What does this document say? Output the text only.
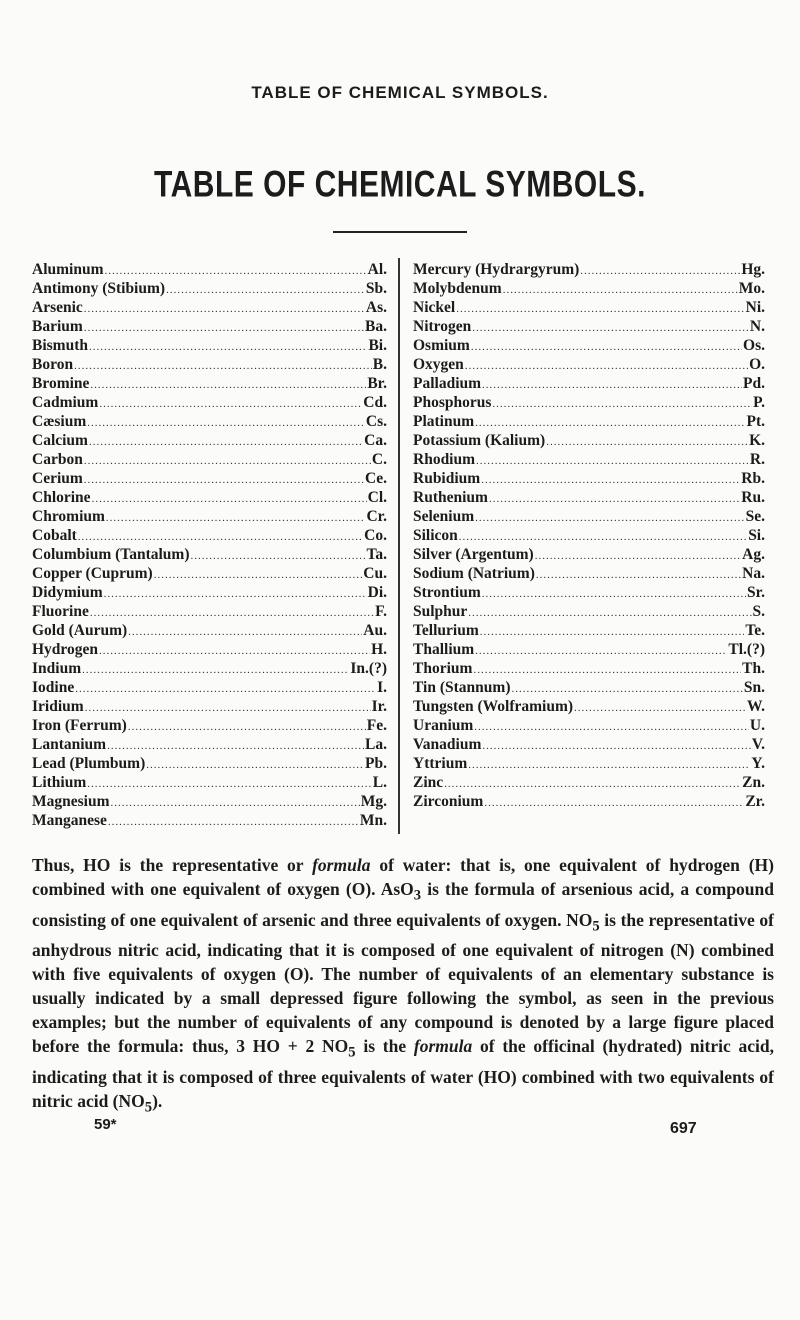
TABLE OF CHEMICAL SYMBOLS.
TABLE OF CHEMICAL SYMBOLS.
Aluminum .....	Al.
Antimony (Stibium) .....	Sb.
Arsenic .....	As.
Barium .....	Ba.
Bismuth .....	Bi.
Boron .....	B.
Bromine .....	Br.
Cadmium .....	Cd.
Cæsium .....	Cs.
Calcium .....	Ca.
Carbon .....	C.
Cerium .....	Ce.
Chlorine .....	Cl.
Chromium .....	Cr.
Cobalt .....	Co.
Columbium (Tantalum) .....	Ta.
Copper (Cuprum) .....	Cu.
Didymium .....	Di.
Fluorine .....	F.
Gold (Aurum) .....	Au.
Hydrogen .....	H.
Indium .....	In.(?)
Iodine .....	I.
Iridium .....	Ir.
Iron (Ferrum) .....	Fe.
Lantanium .....	La.
Lead (Plumbum) .....	Pb.
Lithium .....	L.
Magnesium .....	Mg.
Manganese .....	Mn.
Mercury (Hydrargyrum) .....	Hg.
Molybdenum .....	Mo.
Nickel .....	Ni.
Nitrogen .....	N.
Osmium .....	Os.
Oxygen .....	O.
Palladium .....	Pd.
Phosphorus .....	P.
Platinum .....	Pt.
Potassium (Kalium) .....	K.
Rhodium .....	R.
Rubidium .....	Rb.
Ruthenium .....	Ru.
Selenium .....	Se.
Silicon .....	Si.
Silver (Argentum) .....	Ag.
Sodium (Natrium) .....	Na.
Strontium .....	Sr.
Sulphur .....	S.
Tellurium .....	Te.
Thallium .....	Tl.(?)
Thorium .....	Th.
Tin (Stannum) .....	Sn.
Tungsten (Wolframium) .....	W.
Uranium .....	U.
Vanadium .....	V.
Yttrium .....	Y.
Zinc .....	Zn.
Zirconium .....	Zr.
Thus, HO is the representative or formula of water: that is, one equivalent of hydrogen (H) combined with one equivalent of oxygen (O). AsO$_3$ is the formula of arsenious acid, a compound consisting of one equivalent of arsenic and three equivalents of oxygen. $NO_5$ is the representative of anhydrous nitric acid, indicating that it is composed of one equivalent of nitrogen (N) combined with five equivalents of oxygen (O). The number of equivalents of an elementary substance is usually indicated by a small depressed figure following the symbol, as seen in the previous examples; but the number of equivalents of any compound is denoted by a large figure placed before the formula: thus, 3 HO + 2 $NO_5$ is the formula of the officinal (hydrated) nitric acid, indicating that it is composed of three equivalents of water (HO) combined with two equivalents of nitric acid $(NO_5)$.
59*	697
